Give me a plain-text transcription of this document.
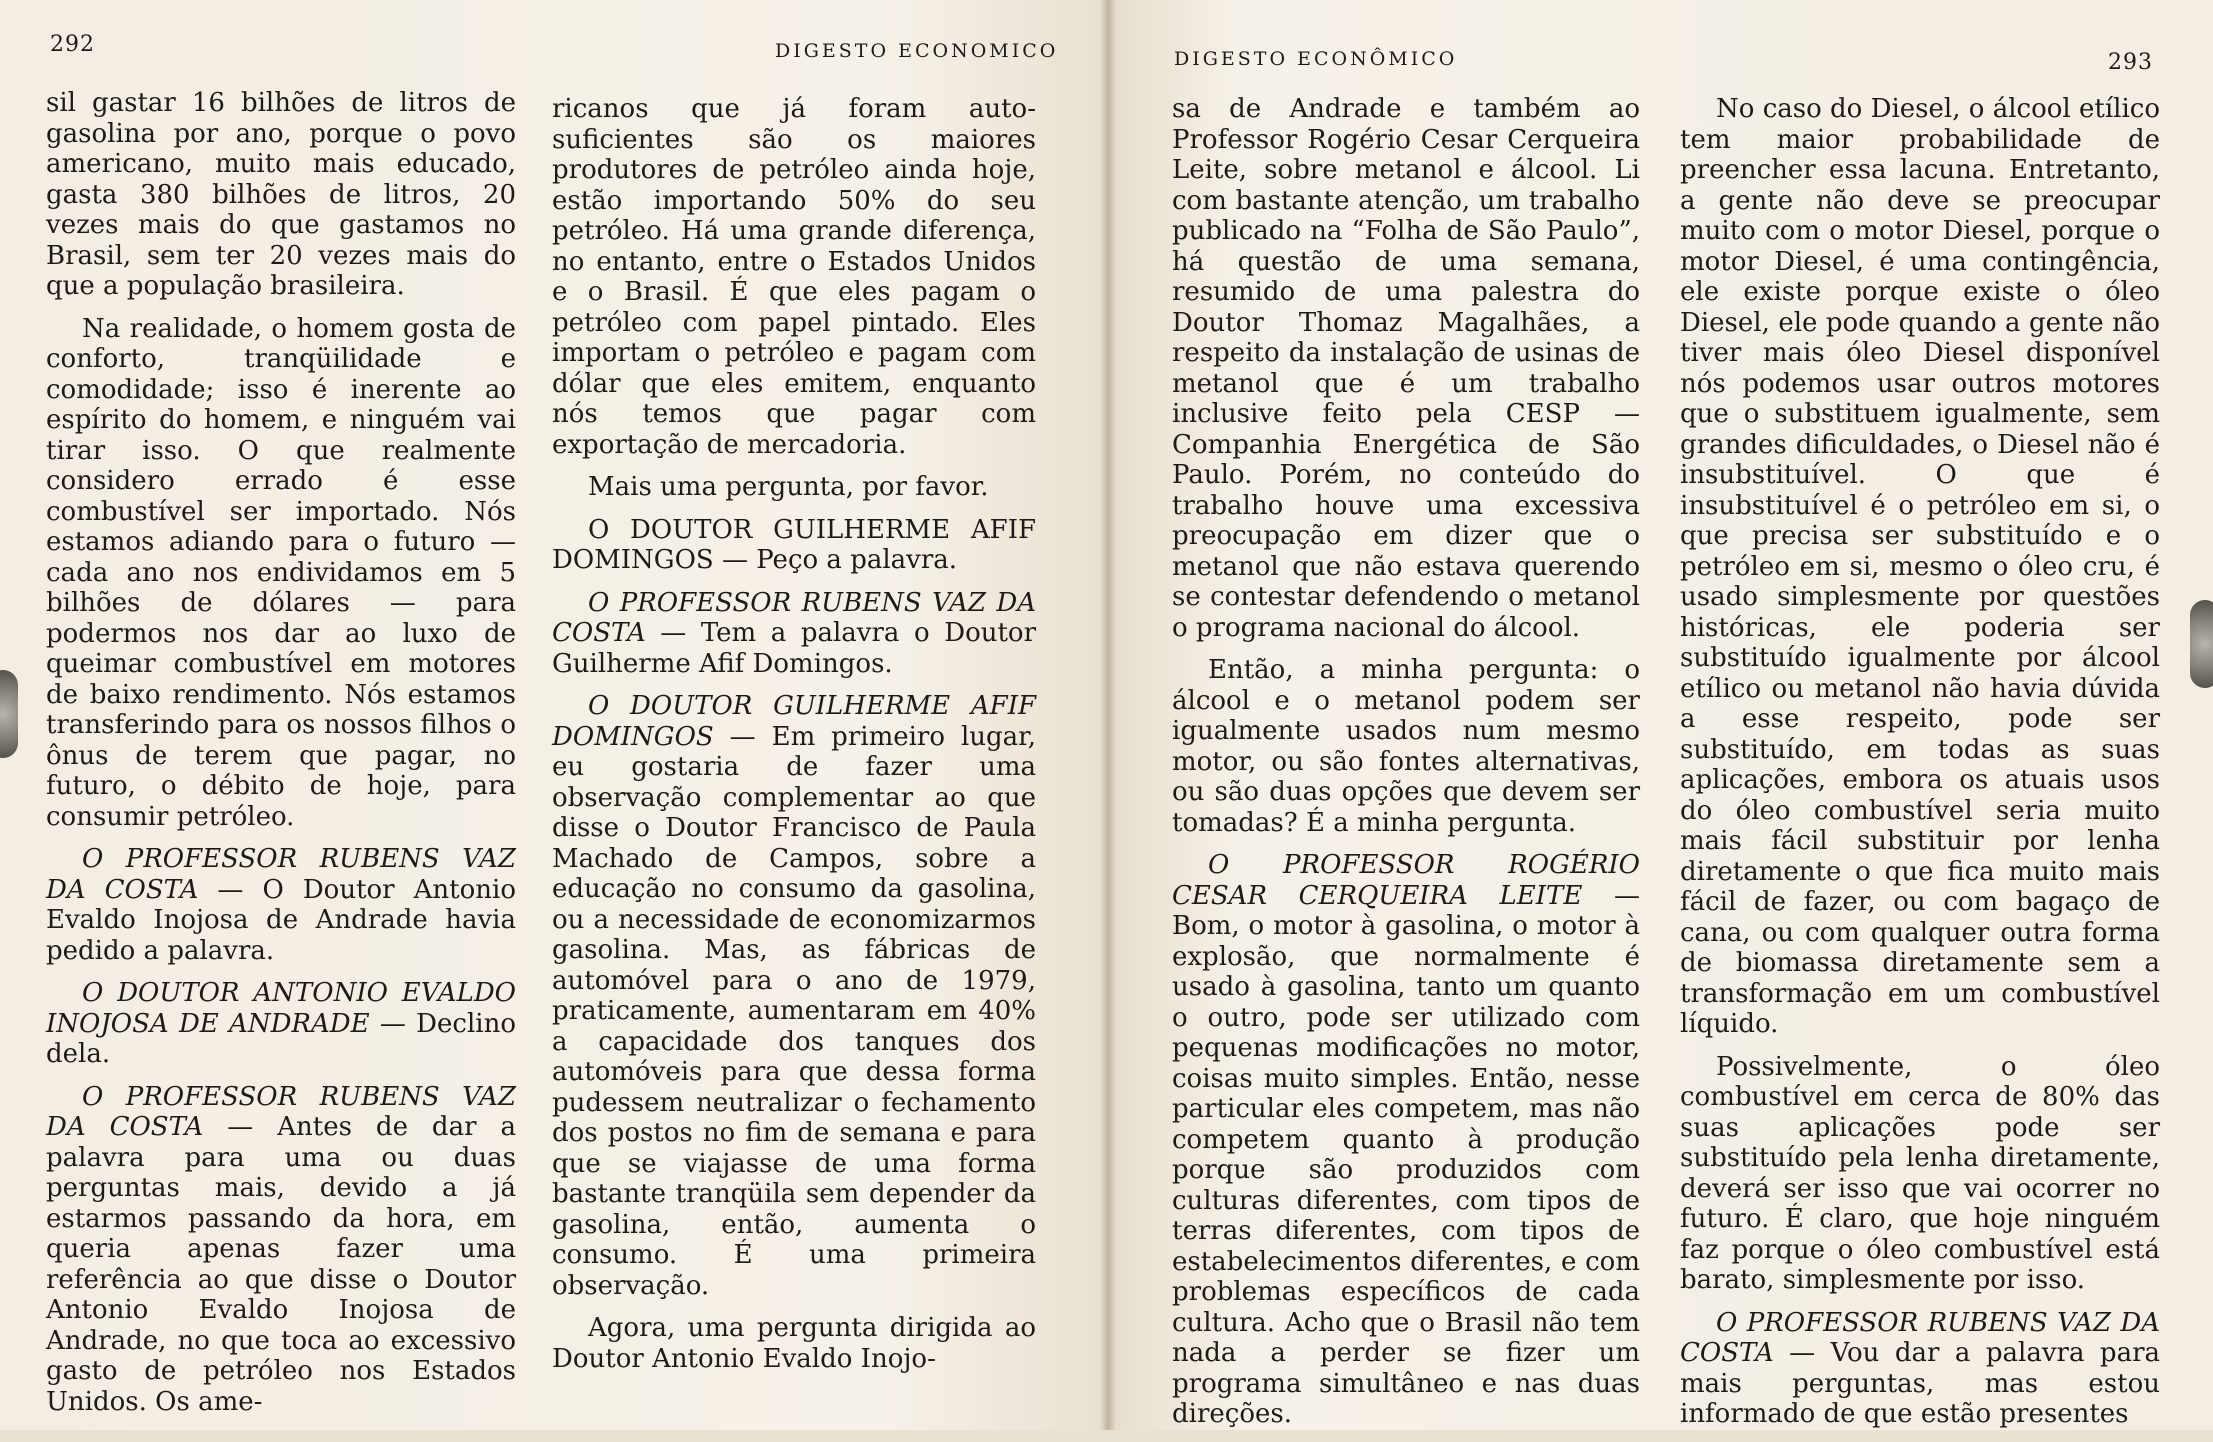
292	DIGESTO ECONOMICO

sil gastar 16 bilhões de litros de gasolina por ano, porque o povo americano, muito mais educado, gasta 380 bilhões de litros, 20 vezes mais do que gastamos no Brasil, sem ter 20 vezes mais do que a população brasileira.

Na realidade, o homem gosta de conforto, tranqüilidade e comodidade; isso é inerente ao espírito do homem, e ninguém vai tirar isso. O que realmente considero errado é esse combustível ser importado. Nós estamos adiando para o futuro — cada ano nos endividamos em 5 bilhões de dólares — para podermos nos dar ao luxo de queimar combustível em motores de baixo rendimento. Nós estamos transferindo para os nossos filhos o ônus de terem que pagar, no futuro, o débito de hoje, para consumir petróleo.

O PROFESSOR RUBENS VAZ DA COSTA — O Doutor Antonio Evaldo Inojosa de Andrade havia pedido a palavra.

O DOUTOR ANTONIO EVALDO INOJOSA DE ANDRADE — Declino dela.

O PROFESSOR RUBENS VAZ DA COSTA — Antes de dar a palavra para uma ou duas perguntas mais, devido a já estarmos passando da hora, em queria apenas fazer uma referência ao que disse o Doutor Antonio Evaldo Inojosa de Andrade, no que toca ao excessivo gasto de petróleo nos Estados Unidos. Os ame-

ricanos que já foram auto-suficientes são os maiores produtores de petróleo ainda hoje, estão importando 50% do seu petróleo. Há uma grande diferença, no entanto, entre o Estados Unidos e o Brasil. É que eles pagam o petróleo com papel pintado. Eles importam o petróleo e pagam com dólar que eles emitem, enquanto nós temos que pagar com exportação de mercadoria.

Mais uma pergunta, por favor.

O DOUTOR GUILHERME AFIF DOMINGOS — Peço a palavra.

O PROFESSOR RUBENS VAZ DA COSTA — Tem a palavra o Doutor Guilherme Afif Domingos.

O DOUTOR GUILHERME AFIF DOMINGOS — Em primeiro lugar, eu gostaria de fazer uma observação complementar ao que disse o Doutor Francisco de Paula Machado de Campos, sobre a educação no consumo da gasolina, ou a necessidade de economizarmos gasolina. Mas, as fábricas de automóvel para o ano de 1979, praticamente, aumentaram em 40% a capacidade dos tanques dos automóveis para que dessa forma pudessem neutralizar o fechamento dos postos no fim de semana e para que se viajasse de uma forma bastante tranqüila sem depender da gasolina, então, aumenta o consumo. É uma primeira observação.

Agora, uma pergunta dirigida ao Doutor Antonio Evaldo Inojo-

DIGESTO ECONÔMICO	293

sa de Andrade e também ao Professor Rogério Cesar Cerqueira Leite, sobre metanol e álcool. Li com bastante atenção, um trabalho publicado na “Folha de São Paulo”, há questão de uma semana, resumido de uma palestra do Doutor Thomaz Magalhães, a respeito da instalação de usinas de metanol que é um trabalho inclusive feito pela CESP — Companhia Energética de São Paulo. Porém, no conteúdo do trabalho houve uma excessiva preocupação em dizer que o metanol que não estava querendo se contestar defendendo o metanol o programa nacional do álcool.

Então, a minha pergunta: o álcool e o metanol podem ser igualmente usados num mesmo motor, ou são fontes alternativas, ou são duas opções que devem ser tomadas? É a minha pergunta.

O PROFESSOR ROGÉRIO CESAR CERQUEIRA LEITE — Bom, o motor à gasolina, o motor à explosão, que normalmente é usado à gasolina, tanto um quanto o outro, pode ser utilizado com pequenas modificações no motor, coisas muito simples. Então, nesse particular eles competem, mas não competem quanto à produção porque são produzidos com culturas diferentes, com tipos de terras diferentes, com tipos de estabelecimentos diferentes, e com problemas específicos de cada cultura. Acho que o Brasil não tem nada a perder se fizer um programa simultâneo e nas duas direções.

No caso do Diesel, o álcool etílico tem maior probabilidade de preencher essa lacuna. Entretanto, a gente não deve se preocupar muito com o motor Diesel, porque o motor Diesel, é uma contingência, ele existe porque existe o óleo Diesel, ele pode quando a gente não tiver mais óleo Diesel disponível nós podemos usar outros motores que o substituem igualmente, sem grandes dificuldades, o Diesel não é insubstituível. O que é insubstituível é o petróleo em si, o que precisa ser substituído e o petróleo em si, mesmo o óleo cru, é usado simplesmente por questões históricas, ele poderia ser substituído igualmente por álcool etílico ou metanol não havia dúvida a esse respeito, pode ser substituído, em todas as suas aplicações, embora os atuais usos do óleo combustível seria muito mais fácil substituir por lenha diretamente o que fica muito mais fácil de fazer, ou com bagaço de cana, ou com qualquer outra forma de biomassa diretamente sem a transformação em um combustível líquido.

Possivelmente, o óleo combustível em cerca de 80% das suas aplicações pode ser substituído pela lenha diretamente, deverá ser isso que vai ocorrer no futuro. É claro, que hoje ninguém faz porque o óleo combustível está barato, simplesmente por isso.

O PROFESSOR RUBENS VAZ DA COSTA — Vou dar a palavra para mais perguntas, mas estou informado de que estão presentes
